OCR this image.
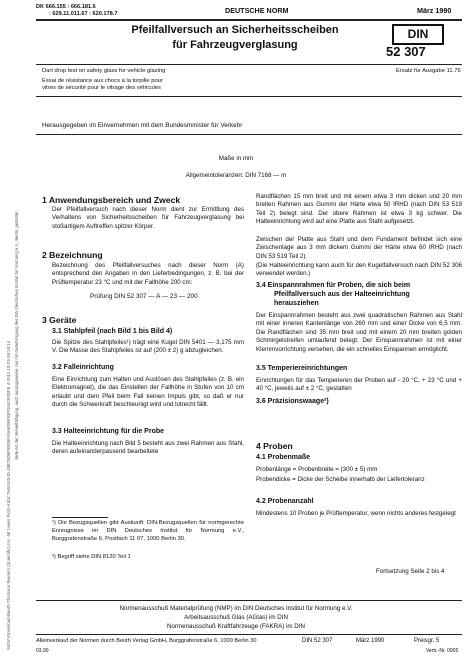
Sofort-Download-Beuth-Thomson Reuters (Scientific) Inc.-Mr Lewis Piotti-KdNr.7646103-ID.48E78D9F58D9F46AE08E93FDA52F0DFE.4-2011-10-25 09:18:14
Jede Art der Vervielfältigung, auch auszugsweise, nur mit Genehmigung des DIN Deutsches Institut für Normung e.V., Berlin, gestattet.
DK 666.155 : 666.181.6
: 629.11.011.67 : 620.178.7	DEUTSCHE NORM	März 1990
Pfeilfallversuch an Sicherheitsscheiben
für Fahrzeugverglasung
DIN
52 307
Dart drop test on safety glass for vehicle glazing	Ersatz für Ausgabe 11.76
Essai de résistance aux chocs à la torpille pour
vitres de sécurité pour le vitrage des véhicules
Herausgegeben im Einvernehmen mit dem Bundesminister für Verkehr
Maße in mm
Allgemeintoleranzen: DIN 7168 — m
1 Anwendungsbereich und Zweck
Der Pfeilfallversuch nach dieser Norm dient zur Ermittlung des Verhaltens von Sicherheitsscheiben für Fahrzeugverglasung bei stoßartigem Auftreffen spitzer Körper.
2 Bezeichnung
Bezeichnung des Pfeilfallversuches nach dieser Norm (A) entsprechend den Angaben in den Lieferbedingungen, z. B. bei der Prüftemperatur 23 °C und mit der Fallhöhe 200 cm:
Prüfung DIN 52 307 — A — 23 — 200
3 Geräte
3.1 Stahlpfeil (nach Bild 1 bis Bild 4)
Die Spitze des Stahlpfeiles¹) trägt eine Kugel DIN 5401 — 3,175 mm V. Die Masse des Stahlpfeiles ist auf (200 ± 2) g abzugleichen.
3.2 Falleinrichtung
Eine Einrichtung zum Halten und Auslösen des Stahlpfeiles (z. B. ein Elektromagnet), die das Einstellen der Fallhöhe in Stufen von 10 cm erlaubt und dem Pfeil beim Fall keinen Impuls gibt, so daß er nur durch die Schwerkraft beschleunigt wird und lotrecht fällt.
3.3 Halteeinrichtung für die Probe
Die Halteeinrichtung nach Bild 5 besteht aus zwei Rahmen aus Stahl, deren aufeinanderpassend bearbeitete
¹) Die Bezugsquellen gibt Auskunft: DIN-Bezugsquellen für normgerechte Erzeugnisse im DIN Deutsches Institut für Normung e.V., Burggrafenstraße 6, Postfach 11 07, 1000 Berlin 30.
²) Begriff siehe DIN 8120 Teil 1
Randflächen 15 mm breit und mit einem etwa 3 mm dicken und 20 mm breiten Rahmen aus Gummi der Härte etwa 50 IRHD (nach DIN 53 519 Teil 2) belegt sind. Der obere Rahmen ist etwa 3 kg schwer. Die Halteeinrichtung wird auf eine Platte aus Stahl aufgesetzt.
Zwischen der Platte aus Stahl und dem Fundament befindet sich eine Zwischenlage aus 3 mm dickem Gummi der Härte etwa 60 IRHD (nach DIN 53 519 Teil 2).
(Die Halteeinrichtung kann auch für den Kugelfallversuch nach DIN 52 306 verwendet werden.)
3.4 Einspannrahmen für Proben, die sich beim
Pfeilfallversuch aus der Halteeinrichtung
herausziehen
Der Einspannrahmen besteht aus zwei quadratischen Rahmen aus Stahl mit einer inneren Kantenlänge von 260 mm und einer Dicke von 6,5 mm. Die Randflächen sind 35 mm breit und mit einem 20 mm breiten golden Schmirgelstreifen umlaufend belegt. Der Einspannrahmen ist mit einer Klemmvorrichtung versehen, die ein schnelles Einspannen ermöglicht.
3.5 Temperiereinrichtungen
Einrichtungen für das Temperieren der Proben auf - 20 °C, + 23 °C und + 40 °C, jeweils auf ± 2 °C, gestatten
3.6 Präzisionswaage²)
4 Proben
4.1 Probenmaße
Probenlänge = Probenbreite = (300 ± 5) mm
Probendicke = Dicke der Scheibe innerhalb der Liefertoleranz
4.2 Probenanzahl
Mindestens 10 Proben je Prüftemperatur, wenn nichts anderes festgelegt
Fortsetzung Seite 2 bis 4
Normenausschuß Materialprüfung (NMP) im DIN Deutsches Institut für Normung e.V.
Arbeitsausschuß Glas (AGlas) im DIN
Normenausschuß Kraftfahrzeuge (FAKRA) im DIN
Alleinverkauf der Normen durch Beuth Verlag GmbH, Burggrafenstraße 6, 1000 Berlin 30	DIN 52 307	März 1990	Preisgr. 5
03.90	Vertr.-Nr. 0005
